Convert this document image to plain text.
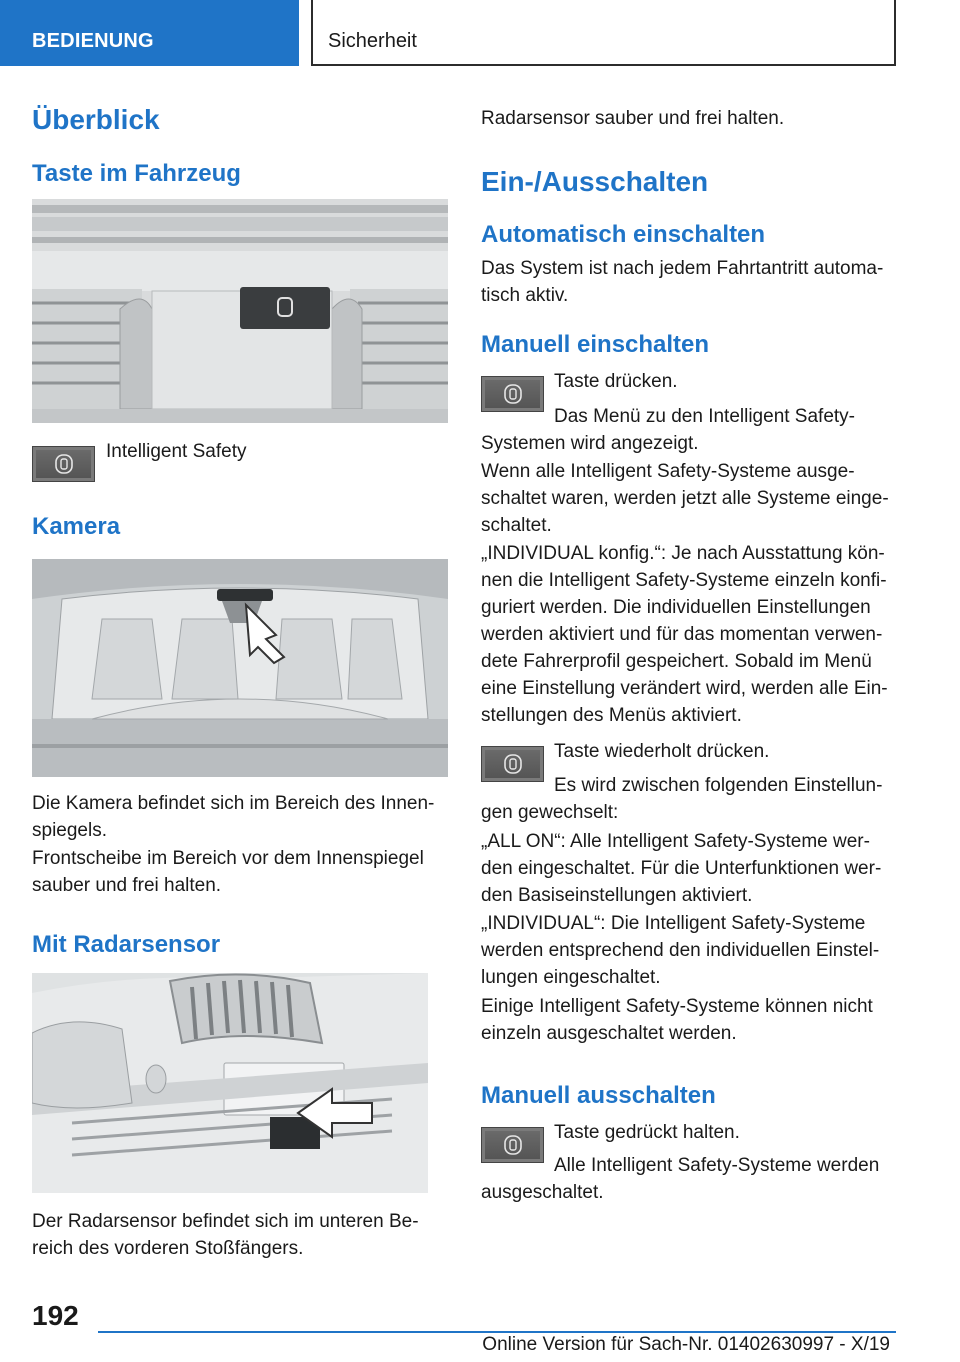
BEDIENUNG	Sicherheit
Überblick
Taste im Fahrzeug
Intelligent Safety
Kamera
Die Kamera befindet sich im Bereich des Innen-spiegels.
Frontscheibe im Bereich vor dem Innenspiegel sauber und frei halten.
Mit Radarsensor
Der Radarsensor befindet sich im unteren Be-reich des vorderen Stoßfängers.
Radarsensor sauber und frei halten.
Ein-/Ausschalten
Automatisch einschalten
Das System ist nach jedem Fahrtantritt automa-tisch aktiv.
Manuell einschalten
Taste drücken.
Das Menü zu den Intelligent Safety-Systemen wird angezeigt.
Wenn alle Intelligent Safety-Systeme ausge-schaltet waren, werden jetzt alle Systeme einge-schaltet.
„INDIVIDUAL konfig.“: Je nach Ausstattung kön-nen die Intelligent Safety-Systeme einzeln konfi-guriert werden. Die individuellen Einstellungen werden aktiviert und für das momentan verwen-dete Fahrerprofil gespeichert. Sobald im Menü eine Einstellung verändert wird, werden alle Ein-stellungen des Menüs aktiviert.
Taste wiederholt drücken.
Es wird zwischen folgenden Einstellun-gen gewechselt:
„ALL ON“: Alle Intelligent Safety-Systeme wer-den eingeschaltet. Für die Unterfunktionen wer-den Basiseinstellungen aktiviert.
„INDIVIDUAL“: Die Intelligent Safety-Systeme werden entsprechend den individuellen Einstel-lungen eingeschaltet.
Einige Intelligent Safety-Systeme können nicht einzeln ausgeschaltet werden.
Manuell ausschalten
Taste gedrückt halten.
Alle Intelligent Safety-Systeme werden ausgeschaltet.
192
Online Version für Sach-Nr. 01402630997 - X/19
